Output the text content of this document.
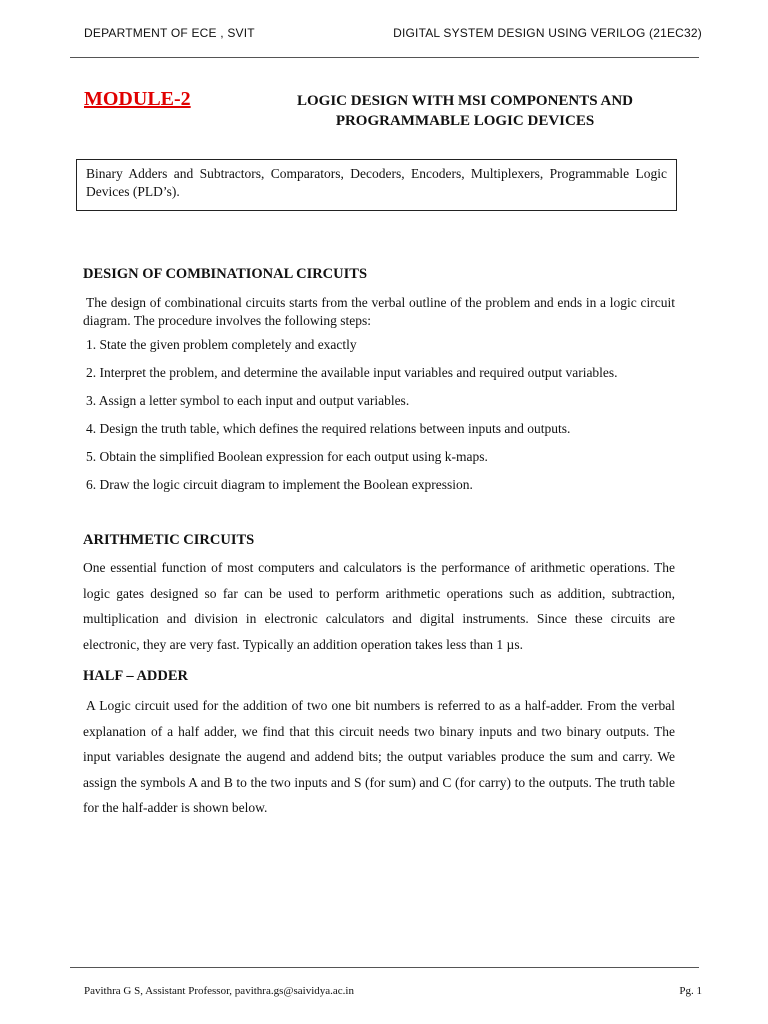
DEPARTMENT OF ECE , SVIT	DIGITAL SYSTEM DESIGN USING VERILOG (21EC32)
MODULE-2	LOGIC DESIGN WITH MSI COMPONENTS AND
PROGRAMMABLE LOGIC DEVICES
Binary Adders and Subtractors, Comparators, Decoders, Encoders, Multiplexers, Programmable Logic Devices (PLD’s).
DESIGN OF COMBINATIONAL CIRCUITS

The design of combinational circuits starts from the verbal outline of the problem and ends in a logic circuit diagram. The procedure involves the following steps:

1. State the given problem completely and exactly
2. Interpret the problem, and determine the available input variables and required output variables.
3. Assign a letter symbol to each input and output variables.
4. Design the truth table, which defines the required relations between inputs and outputs.
5. Obtain the simplified Boolean expression for each output using k-maps.
6. Draw the logic circuit diagram to implement the Boolean expression.
ARITHMETIC CIRCUITS

One essential function of most computers and calculators is the performance of arithmetic operations. The logic gates designed so far can be used to perform arithmetic operations such as addition, subtraction, multiplication and division in electronic calculators and digital instruments. Since these circuits are electronic, they are very fast. Typically an addition operation takes less than 1 µs.

HALF – ADDER

A Logic circuit used for the addition of two one bit numbers is referred to as a half-adder. From the verbal explanation of a half adder, we find that this circuit needs two binary inputs and two binary outputs. The input variables designate the augend and addend bits; the output variables produce the sum and carry. We assign the symbols A and B to the two inputs and S (for sum) and C (for carry) to the outputs. The truth table for the half-adder is shown below.

Pavithra G S, Assistant Professor, pavithra.gs@saividya.ac.in	Pg. 1
